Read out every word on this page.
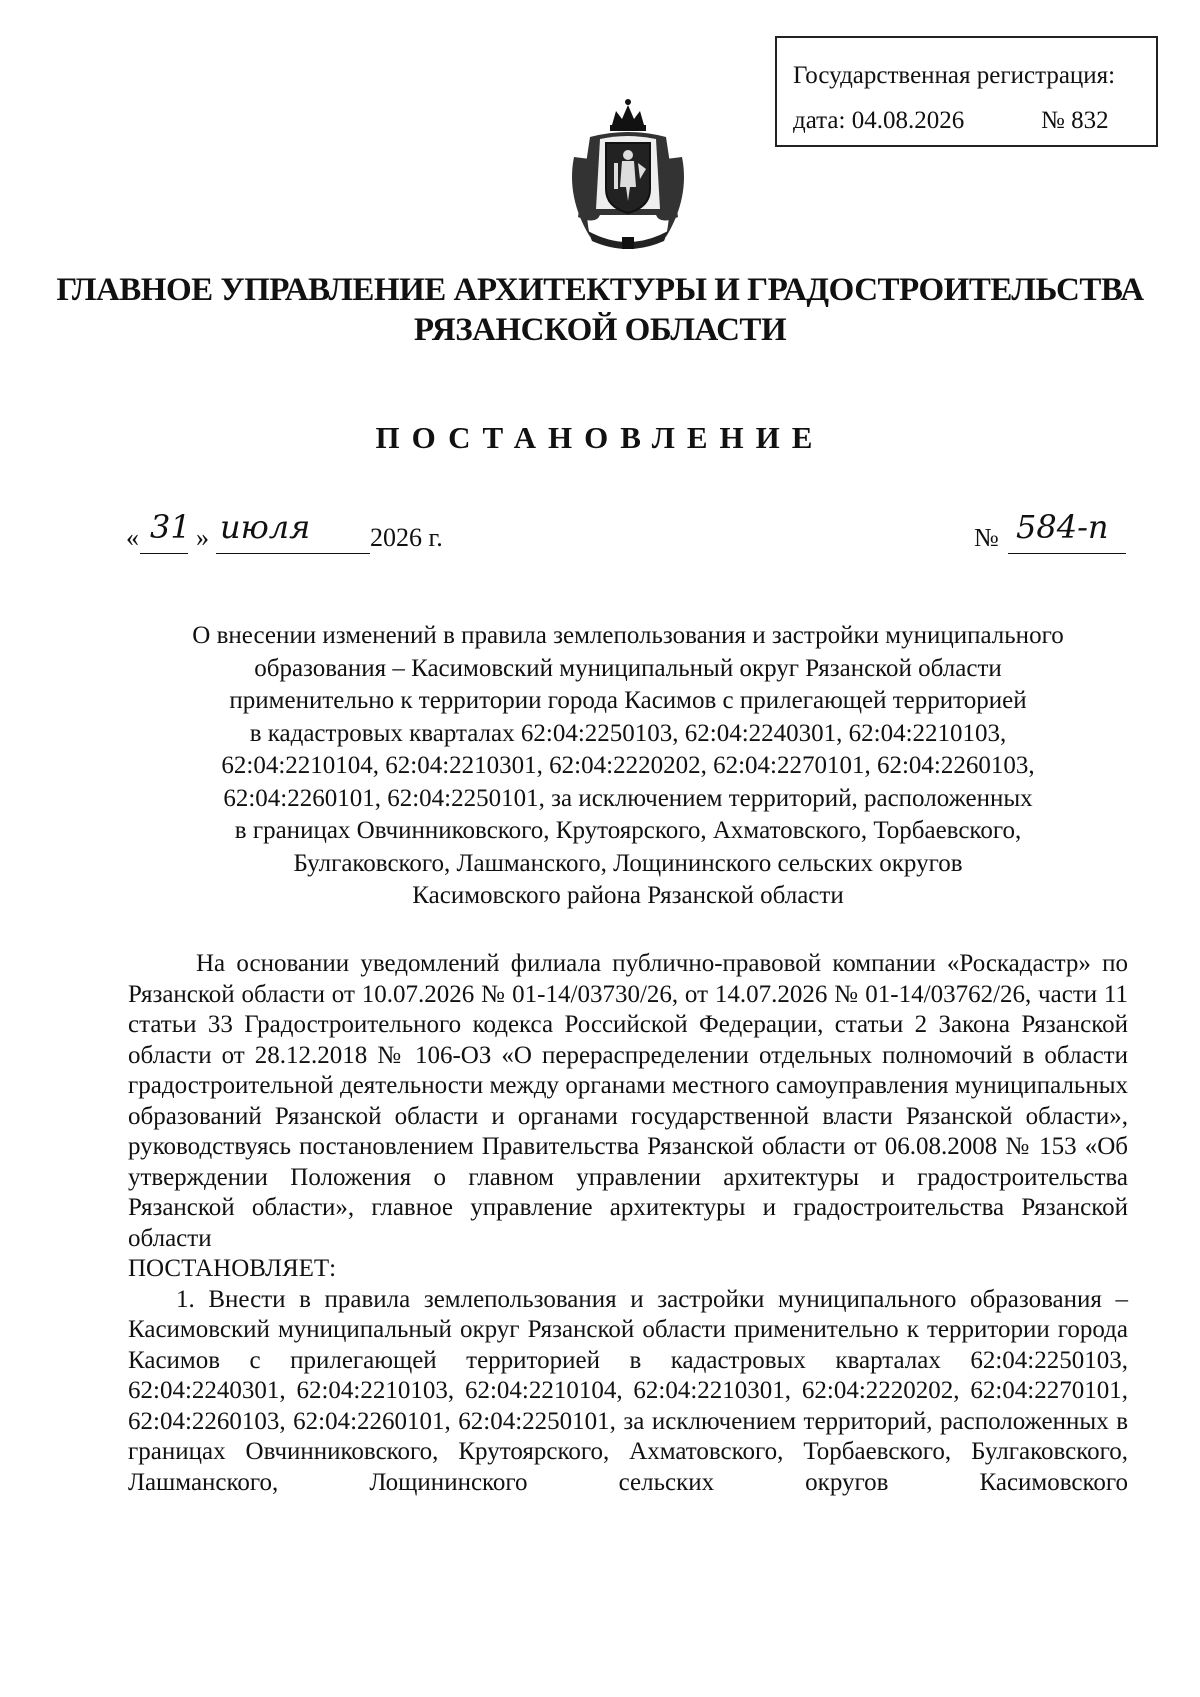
Государственная регистрация:
дата: 04.08.2026	№ 832
ГЛАВНОЕ УПРАВЛЕНИЕ АРХИТЕКТУРЫ И ГРАДОСТРОИТЕЛЬСТВА
РЯЗАНСКОЙ ОБЛАСТИ
ПОСТАНОВЛЕНИЕ
« 31 » июля 2026 г.	№ 584-п
О внесении изменений в правила землепользования и застройки муниципального
образования – Касимовский муниципальный округ Рязанской области
применительно к территории города Касимов с прилегающей территорией
в кадастровых кварталах 62:04:2250103, 62:04:2240301, 62:04:2210103,
62:04:2210104, 62:04:2210301, 62:04:2220202, 62:04:2270101, 62:04:2260103,
62:04:2260101, 62:04:2250101, за исключением территорий, расположенных
в границах Овчинниковского, Крутоярского, Ахматовского, Торбаевского,
Булгаковского, Лашманского, Лощининского сельских округов
Касимовского района Рязанской области

На основании уведомлений филиала публично-правовой компании «Роскадастр» по Рязанской области от 10.07.2026 № 01-14/03730/26, от 14.07.2026 № 01-14/03762/26, части 11 статьи 33 Градостроительного кодекса Российской Федерации, статьи 2 Закона Рязанской области от 28.12.2018 № 106-ОЗ «О перераспределении отдельных полномочий в области градостроительной деятельности между органами местного самоуправления муниципальных образований Рязанской области и органами государственной власти Рязанской области», руководствуясь постановлением Правительства Рязанской области от 06.08.2008 № 153 «Об утверждении Положения о главном управлении архитектуры и градостроительства Рязанской области», главное управление архитектуры и градостроительства Рязанской области

ПОСТАНОВЛЯЕТ:

1. Внести в правила землепользования и застройки муниципального образования – Касимовский муниципальный округ Рязанской области применительно к территории города Касимов с прилегающей территорией в кадастровых кварталах 62:04:2250103, 62:04:2240301, 62:04:2210103, 62:04:2210104, 62:04:2210301, 62:04:2220202, 62:04:2270101, 62:04:2260103, 62:04:2260101, 62:04:2250101, за исключением территорий, расположенных в границах Овчинниковского, Крутоярского, Ахматовского, Торбаевского, Булгаковского, Лашманского, Лощининского сельских округов Касимовского
